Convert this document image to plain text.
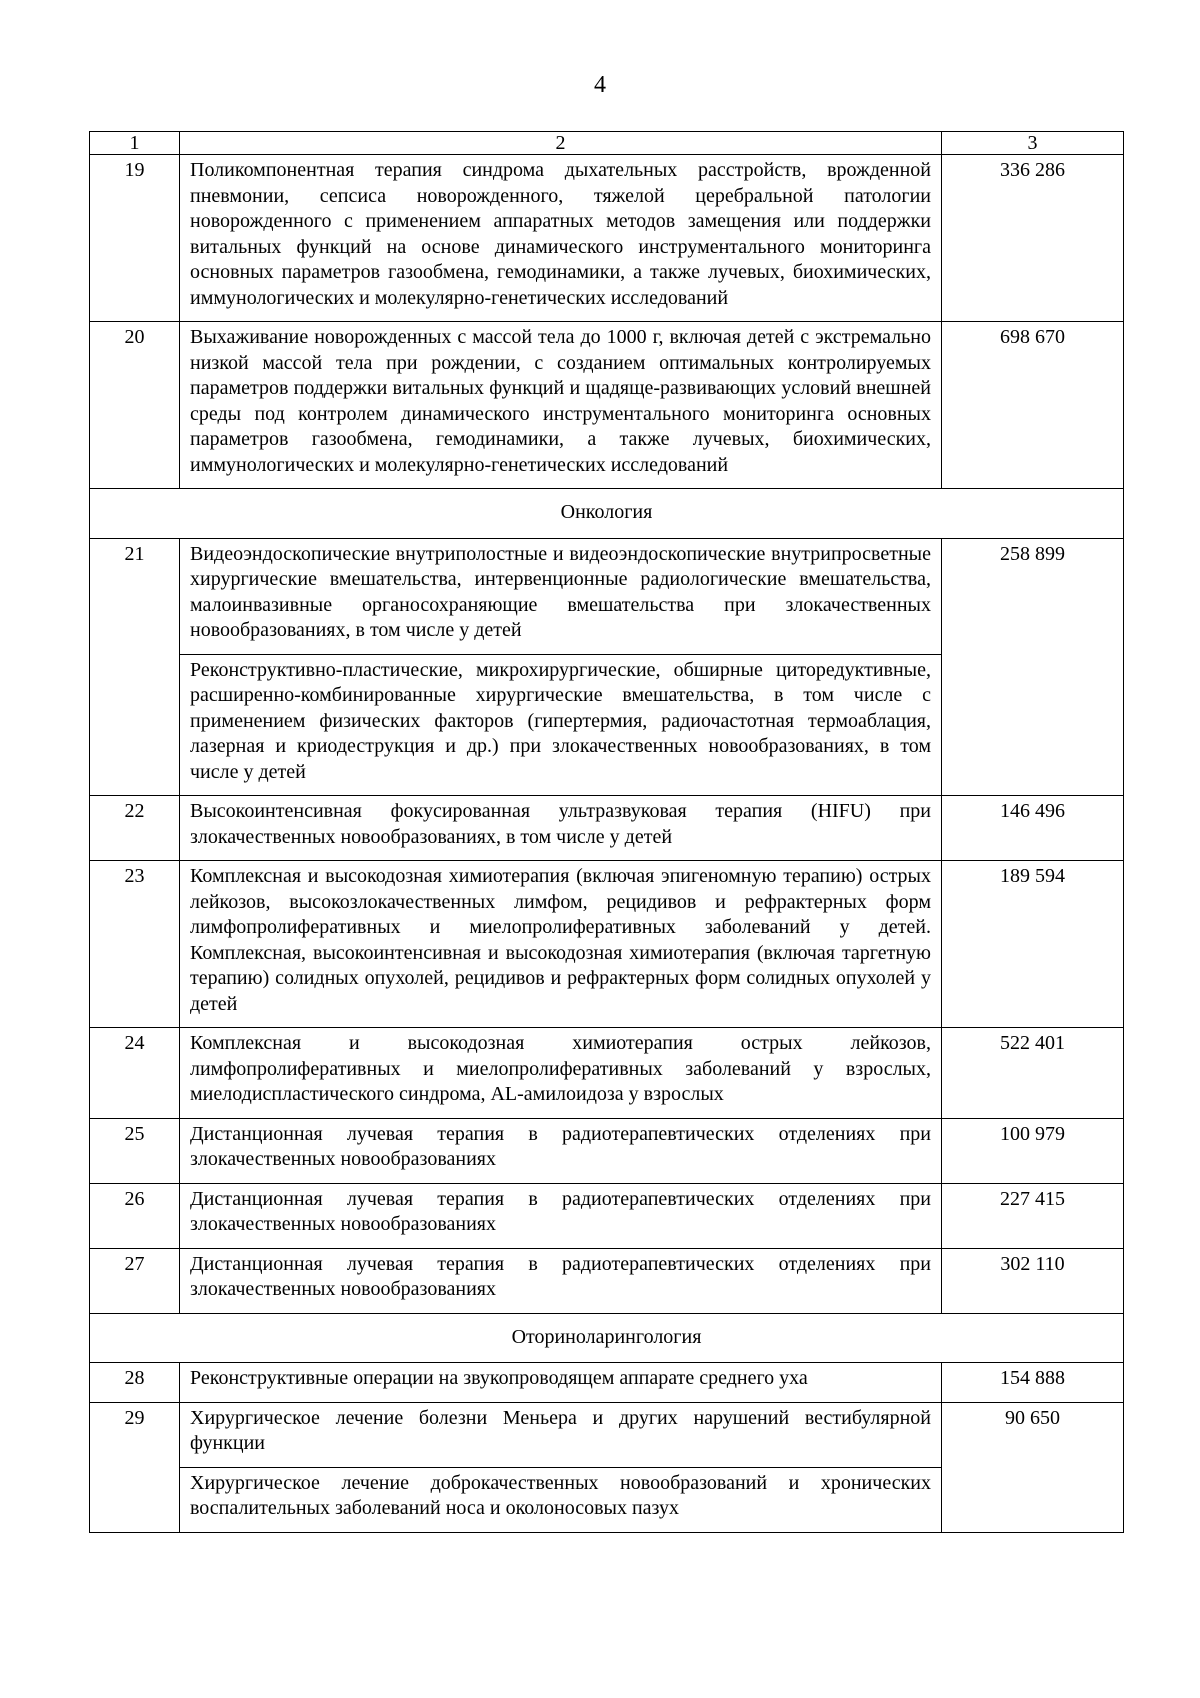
4
1	2	3
19	Поликомпонентная терапия синдрома дыхательных расстройств, врожденной пневмонии, сепсиса новорожденного, тяжелой церебральной патологии новорожденного с применением аппаратных методов замещения или поддержки витальных функций на основе динамического инструментального мониторинга основных параметров газообмена, гемодинамики, а также лучевых, биохимических, иммунологических и молекулярно-генетических исследований	336 286
20	Выхаживание новорожденных с массой тела до 1000 г, включая детей с экстремально низкой массой тела при рождении, с созданием оптимальных контролируемых параметров поддержки витальных функций и щадяще-развивающих условий внешней среды под контролем динамического инструментального мониторинга основных параметров газообмена, гемодинамики, а также лучевых, биохимических, иммунологических и молекулярно-генетических исследований	698 670
Онкология		
21	Видеоэндоскопические внутриполостные и видеоэндоскопические внутрипросветные хирургические вмешательства, интервенционные радиологические вмешательства, малоинвазивные органосохраняющие вмешательства при злокачественных новообразованиях, в том числе у детей	258 899
	Реконструктивно-пластические, микрохирургические, обширные циторедуктивные, расширенно-комбинированные хирургические вмешательства, в том числе с применением физических факторов (гипертермия, радиочастотная термоаблация, лазерная и криодеструкция и др.) при злокачественных новообразованиях, в том числе у детей	
22	Высокоинтенсивная фокусированная ультразвуковая терапия (HIFU) при злокачественных новообразованиях, в том числе у детей	146 496
23	Комплексная и высокодозная химиотерапия (включая эпигеномную терапию) острых лейкозов, высокозлокачественных лимфом, рецидивов и рефрактерных форм лимфопролиферативных и миелопролиферативных заболеваний у детей. Комплексная, высокоинтенсивная и высокодозная химиотерапия (включая таргетную терапию) солидных опухолей, рецидивов и рефрактерных форм солидных опухолей у детей	189 594
24	Комплексная и высокодозная химиотерапия острых лейкозов, лимфопролиферативных и миелопролиферативных заболеваний у взрослых, миелодиспластического синдрома, AL-амилоидоза у взрослых	522 401
25	Дистанционная лучевая терапия в радиотерапевтических отделениях при злокачественных новообразованиях	100 979
26	Дистанционная лучевая терапия в радиотерапевтических отделениях при злокачественных новообразованиях	227 415
27	Дистанционная лучевая терапия в радиотерапевтических отделениях при злокачественных новообразованиях	302 110
Оториноларингология		
28	Реконструктивные операции на звукопроводящем аппарате среднего уха	154 888
29	Хирургическое лечение болезни Меньера и других нарушений вестибулярной функции	90 650
	Хирургическое лечение доброкачественных новообразований и хронических воспалительных заболеваний носа и околоносовых пазух	
